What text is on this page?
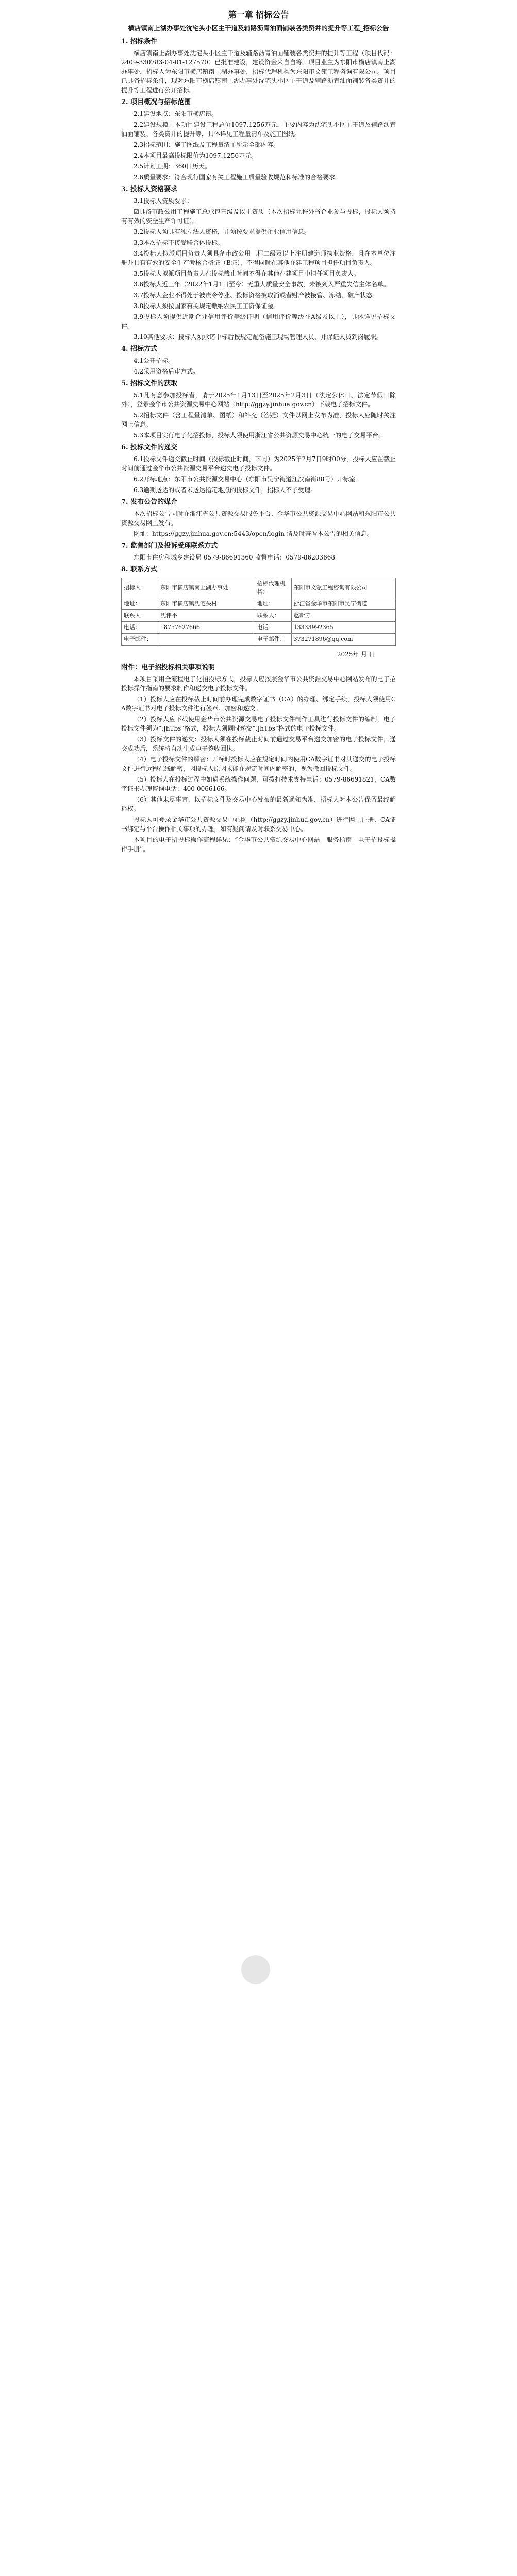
第一章 招标公告
横店镇南上湖办事处沈宅头小区主干道及辅路沥青油面铺装各类资井的提升等工程_招标公告
1. 招标条件

横店镇南上湖办事处沈宅头小区主干道及辅路沥青油面铺装各类资井的提升等工程（项目代码：2409-330783-04-01-127570）已批准建设，建设资金来自自筹。项目业主为东阳市横店镇南上湖办事处，招标人为东阳市横店镇南上湖办事处，招标代理机构为东阳市文瓴工程咨询有限公司。项目已具备招标条件，现对东阳市横店镇南上湖办事处沈宅头小区主干道及辅路沥青油面铺装各类资井的提升等工程进行公开招标。

2. 项目概况与招标范围

2.1建设地点：东阳市横店镇。

2.2建设规模：本项目建设工程总价1097.1256万元，主要内容为沈宅头小区主干道及辅路沥青油面铺装、各类资井的提升等，具体详见工程量清单及施工图纸。

2.3招标范围：施工图纸及工程量清单所示全部内容。

2.4本项目最高投标限价为1097.1256万元。

2.5计划工期：360日历天。

2.6质量要求：符合现行国家有关工程施工质量验收规范和标准的合格要求。

3. 投标人资格要求

3.1投标人资质要求：

☑具备市政公用工程施工总承包三级及以上资质（本次招标允许外省企业参与投标，投标人须持有有效的安全生产许可证）。

3.2投标人须具有独立法人资格，并须按要求提供企业信用信息。

3.3本次招标不接受联合体投标。

3.4投标人拟派项目负责人须具备市政公用工程二级及以上注册建造师执业资格，且在本单位注册并具有有效的安全生产考核合格证（B证），不得同时在其他在建工程项目担任项目负责人。

3.5投标人拟派项目负责人在投标截止时间不得在其他在建项目中担任项目负责人。

3.6投标人近三年（2022年1月1日至今）无重大质量安全事故，未被列入严重失信主体名单。

3.7投标人企业不得处于被责令停业、投标资格被取消或者财产被接管、冻结、破产状态。

3.8投标人须按国家有关规定缴纳农民工工资保证金。

3.9投标人须提供近期企业信用评价等级证明（信用评价等级在A级及以上），具体详见招标文件。

3.10其他要求：投标人须承诺中标后按规定配备施工现场管理人员，并保证人员到岗履职。

4. 招标方式

4.1公开招标。

4.2采用资格后审方式。

5. 招标文件的获取

5.1凡有意参加投标者，请于2025年1月13日至2025年2月3日（法定公休日、法定节假日除外），登录金华市公共资源交易中心网站（http://ggzy.jinhua.gov.cn）下载电子招标文件。

5.2招标文件（含工程量清单、图纸）和补充（答疑）文件以网上发布为准，投标人应随时关注网上信息。

5.3本项目实行电子化招投标，投标人须使用浙江省公共资源交易中心统一的电子交易平台。

6. 投标文件的递交

6.1投标文件递交截止时间（投标截止时间，下同）为2025年2月7日9时00分，投标人应在截止时间前通过金华市公共资源交易平台递交电子投标文件。

6.2开标地点：东阳市公共资源交易中心（东阳市吴宁街道江滨南街88号）开标室。

6.3逾期送达的或者未送达指定地点的投标文件，招标人不予受理。

7. 发布公告的媒介

本次招标公告同时在浙江省公共资源交易服务平台、金华市公共资源交易中心网站和东阳市公共资源交易网上发布。

网址：https://ggzy.jinhua.gov.cn:5443/open/login 请及时查看本公告的相关信息。

7. 监督部门及投诉受理联系方式

东阳市住房和城乡建设局 0579-86691360 监督电话：0579-86203668

8. 联系方式
招标人：	东阳市横店镇南上湖办事处	招标代理机构：	东阳市文瓴工程咨询有限公司
地址：	东阳市横店镇沈宅头村	地址：	浙江省金华市东阳市吴宁街道
联系人：	沈伟平	联系人：	赵新芳
电话：	18757627666	电话：	13333992365
电子邮件：		电子邮件：	373271896@qq.com
2025年 月 日
附件：电子招投标相关事项说明

本项目采用全流程电子化招投标方式，投标人应按照金华市公共资源交易中心网站发布的电子招投标操作指南的要求制作和递交电子投标文件。

（1）投标人应在投标截止时间前办理完成数字证书（CA）的办理、绑定手续，投标人须使用CA数字证书对电子投标文件进行签章、加密和递交。

（2）投标人应下载使用金华市公共资源交易电子投标文件制作工具进行投标文件的编制，电子投标文件须为“.JhTbs”格式，投标人须同时递交“.JhTbs”格式的电子投标文件。

（3）投标文件的递交：投标人须在投标截止时间前通过交易平台递交加密的电子投标文件，递交成功后，系统将自动生成电子签收回执。

（4）电子投标文件的解密：开标时投标人应在规定时间内使用CA数字证书对其递交的电子投标文件进行远程在线解密，因投标人原因未能在规定时间内解密的，视为撤回投标文件。

（5）投标人在投标过程中如遇系统操作问题，可拨打技术支持电话：0579-86691821，CA数字证书办理咨询电话：400-0066166。

（6）其他未尽事宜，以招标文件及交易中心发布的最新通知为准，招标人对本公告保留最终解释权。

投标人可登录金华市公共资源交易中心网（http://ggzy.jinhua.gov.cn）进行网上注册、CA证书绑定与平台操作相关事项的办理，如有疑问请及时联系交易中心。

本项目的电子招投标操作流程详见：“金华市公共资源交易中心网站—服务指南—电子招投标操作手册”。
